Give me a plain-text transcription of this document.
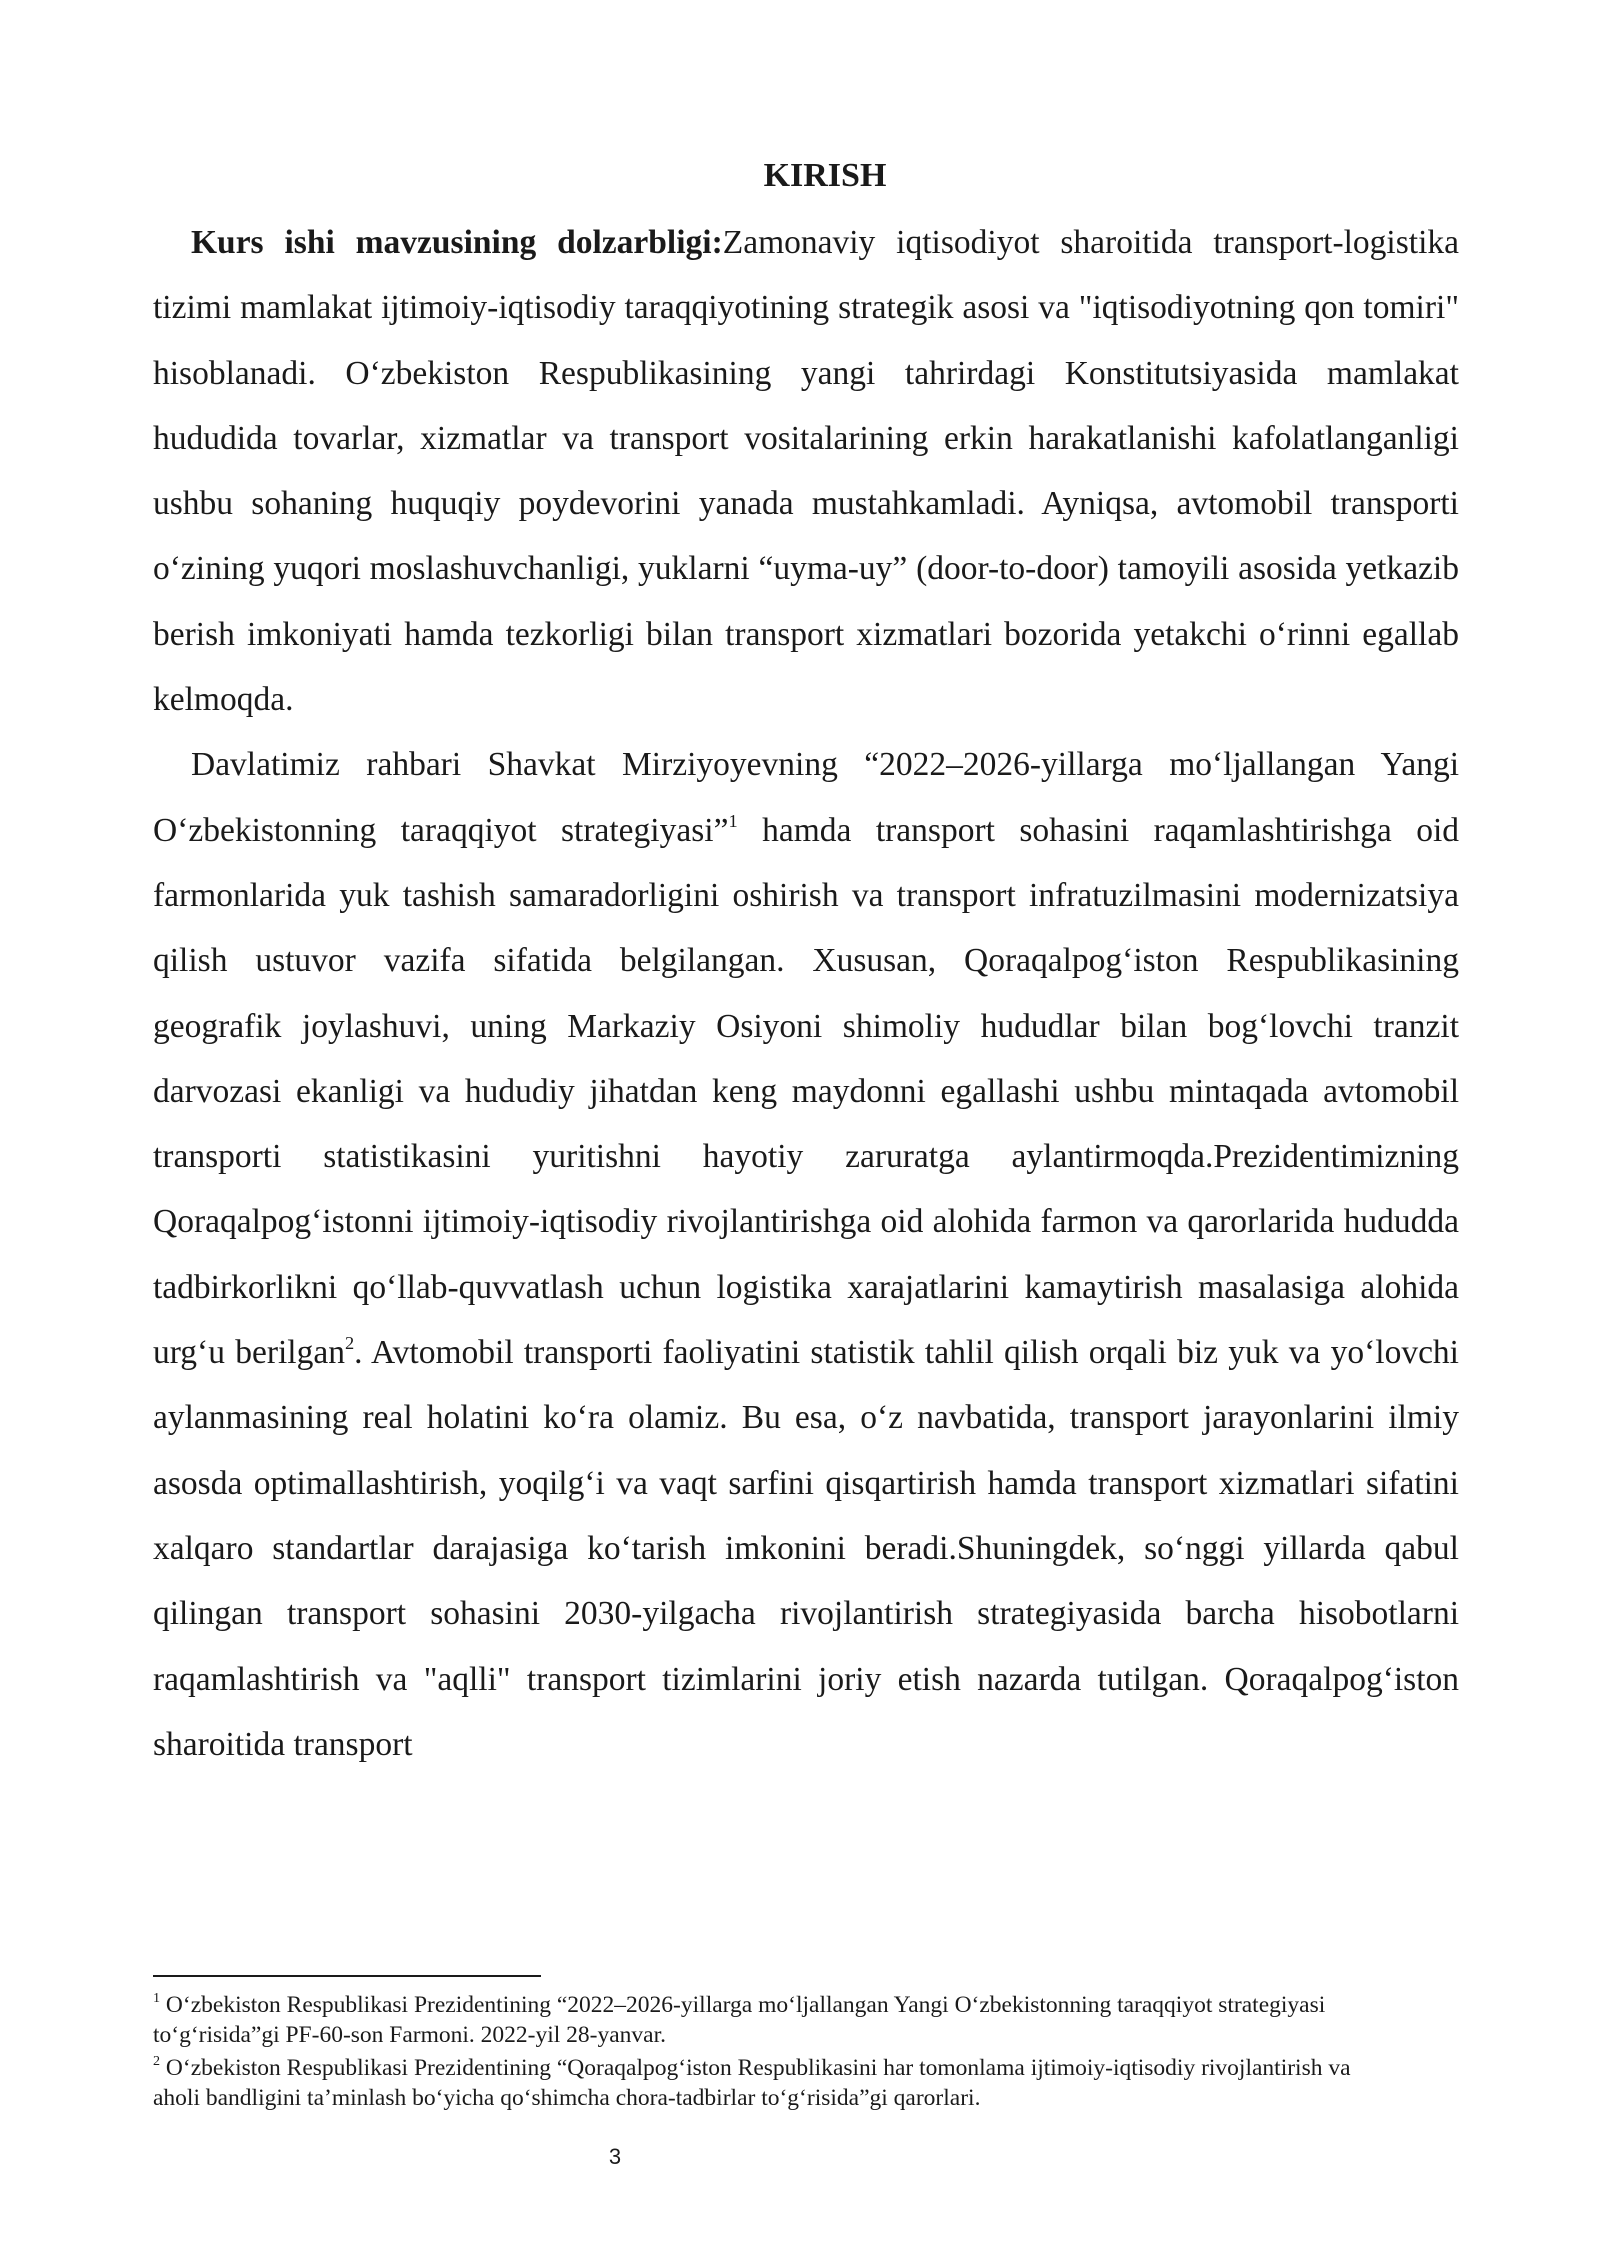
KIRISH

Kurs ishi mavzusining dolzarbligi:Zamonaviy iqtisodiyot sharoitida transport-logistika tizimi mamlakat ijtimoiy-iqtisodiy taraqqiyotining strategik asosi va "iqtisodiyotning qon tomiri" hisoblanadi. O‘zbekiston Respublikasining yangi tahrirdagi Konstitutsiyasida mamlakat hududida tovarlar, xizmatlar va transport vositalarining erkin harakatlanishi kafolatlanganligi ushbu sohaning huquqiy poydevorini yanada mustahkamladi. Ayniqsa, avtomobil transporti o‘zining yuqori moslashuvchanligi, yuklarni “uyma-uy” (door-to-door) tamoyili asosida yetkazib berish imkoniyati hamda tezkorligi bilan transport xizmatlari bozorida yetakchi o‘rinni egallab kelmoqda.

Davlatimiz rahbari Shavkat Mirziyoyevning “2022–2026-yillarga mo‘ljallangan Yangi O‘zbekistonning taraqqiyot strategiyasi”$^1$ hamda transport sohasini raqamlashtirishga oid farmonlarida yuk tashish samaradorligini oshirish va transport infratuzilmasini modernizatsiya qilish ustuvor vazifa sifatida belgilangan. Xususan, Qoraqalpog‘iston Respublikasining geografik joylashuvi, uning Markaziy Osiyoni shimoliy hududlar bilan bog‘lovchi tranzit darvozasi ekanligi va hududiy jihatdan keng maydonni egallashi ushbu mintaqada avtomobil transporti statistikasini yuritishni hayotiy zaruratga aylantirmoqda.Prezidentimizning Qoraqalpog‘istonni ijtimoiy-iqtisodiy rivojlantirishga oid alohida farmon va qarorlarida hududda tadbirkorlikni qo‘llab-quvvatlash uchun logistika xarajatlarini kamaytirish masalasiga alohida urg‘u berilgan$^2$. Avtomobil transporti faoliyatini statistik tahlil qilish orqali biz yuk va yo‘lovchi aylanmasining real holatini ko‘ra olamiz. Bu esa, o‘z navbatida, transport jarayonlarini ilmiy asosda optimallashtirish, yoqilg‘i va vaqt sarfini qisqartirish hamda transport xizmatlari sifatini xalqaro standartlar darajasiga ko‘tarish imkonini beradi.Shuningdek, so‘nggi yillarda qabul qilingan transport sohasini 2030-yilgacha rivojlantirish strategiyasida barcha hisobotlarni raqamlashtirish va "aqlli" transport tizimlarini joriy etish nazarda tutilgan. Qoraqalpog‘iston sharoitida transport

$^1$ O‘zbekiston Respublikasi Prezidentining “2022–2026-yillarga mo‘ljallangan Yangi O‘zbekistonning taraqqiyot strategiyasi to‘g‘risida”gi PF-60-son Farmoni. 2022-yil 28-yanvar.

$^2$ O‘zbekiston Respublikasi Prezidentining “Qoraqalpog‘iston Respublikasini har tomonlama ijtimoiy-iqtisodiy rivojlantirish va aholi bandligini ta’minlash bo‘yicha qo‘shimcha chora-tadbirlar to‘g‘risida”gi qarorlari.

3
